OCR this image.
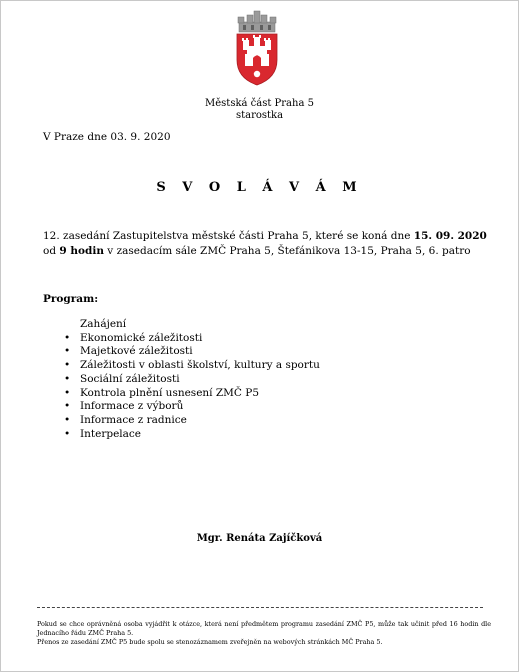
Městská část Praha 5
starostka
V Praze dne 03. 9. 2020
S V O L Á V Á M
12. zasedání Zastupitelstva městské části Praha 5, které se koná dne 15. 09. 2020
od 9 hodin v zasedacím sále ZMČ Praha 5, Štefánikova 13-15, Praha 5, 6. patro
Program:
Zahájení
• Ekonomické záležitosti
• Majetkové záležitosti
• Záležitosti v oblasti školství, kultury a sportu
• Sociální záležitosti
• Kontrola plnění usnesení ZMČ P5
• Informace z výborů
• Informace z radnice
• Interpelace
Mgr. Renáta Zajíčková
Pokud se chce oprávněná osoba vyjádřit k otázce, která není předmětem programu zasedání ZMČ P5, může tak učinit před 16 hodin dle Jednacího řádu ZMČ Praha 5.
Přenos ze zasedání ZMČ P5 bude spolu se stenozáznamem zveřejněn na webových stránkách MČ Praha 5.
